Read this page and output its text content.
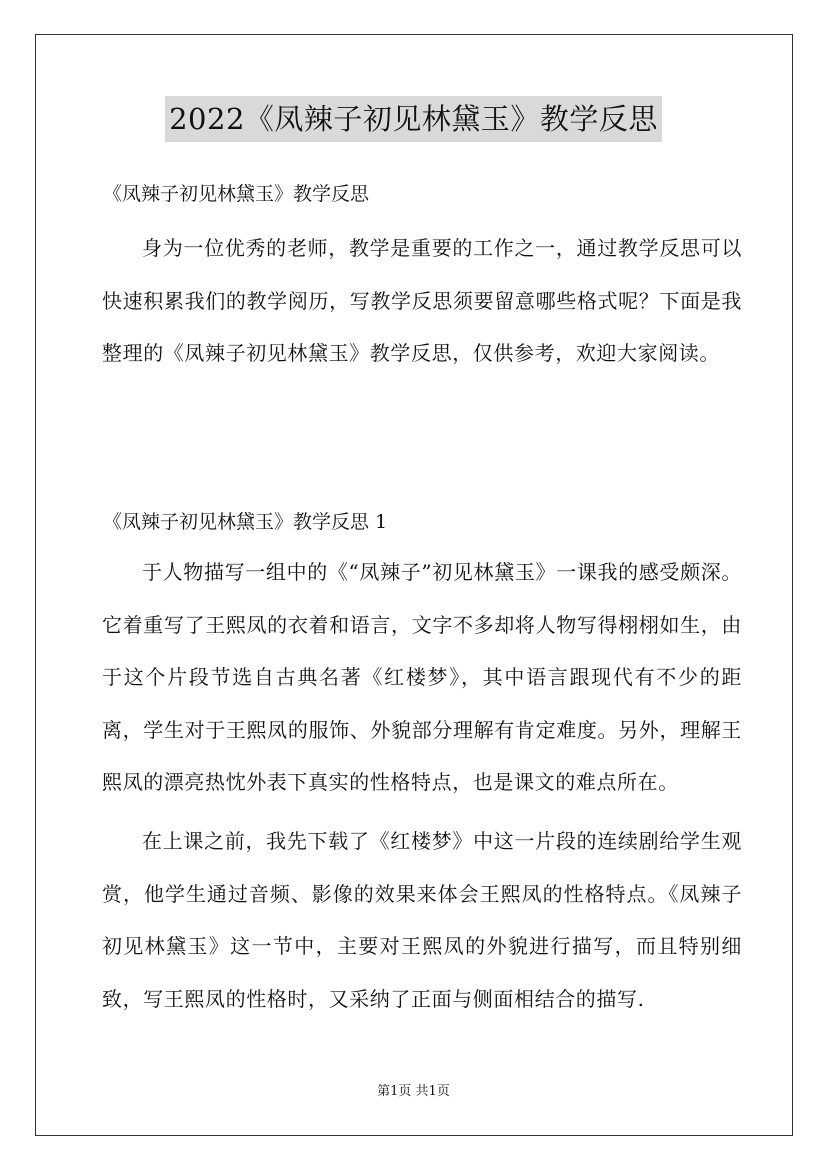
2022《凤辣子初见林黛玉》教学反思
《凤辣子初见林黛玉》教学反思
身为一位优秀的老师，教学是重要的工作之一，通过教学反思可以快速积累我们的教学阅历，写教学反思须要留意哪些格式呢？下面是我整理的《凤辣子初见林黛玉》教学反思，仅供参考，欢迎大家阅读。
《凤辣子初见林黛玉》教学反思 1
于人物描写一组中的《“凤辣子”初见林黛玉》一课我的感受颇深。它着重写了王熙凤的衣着和语言，文字不多却将人物写得栩栩如生，由于这个片段节选自古典名著《红楼梦》，其中语言跟现代有不少的距离，学生对于王熙凤的服饰、外貌部分理解有肯定难度。另外，理解王熙凤的漂亮热忱外表下真实的性格特点，也是课文的难点所在。
在上课之前，我先下载了《红楼梦》中这一片段的连续剧给学生观赏，他学生通过音频、影像的效果来体会王熙凤的性格特点。《凤辣子初见林黛玉》这一节中，主要对王熙凤的外貌进行描写，而且特别细致，写王熙凤的性格时，又采纳了正面与侧面相结合的描写.
第1页 共1页
